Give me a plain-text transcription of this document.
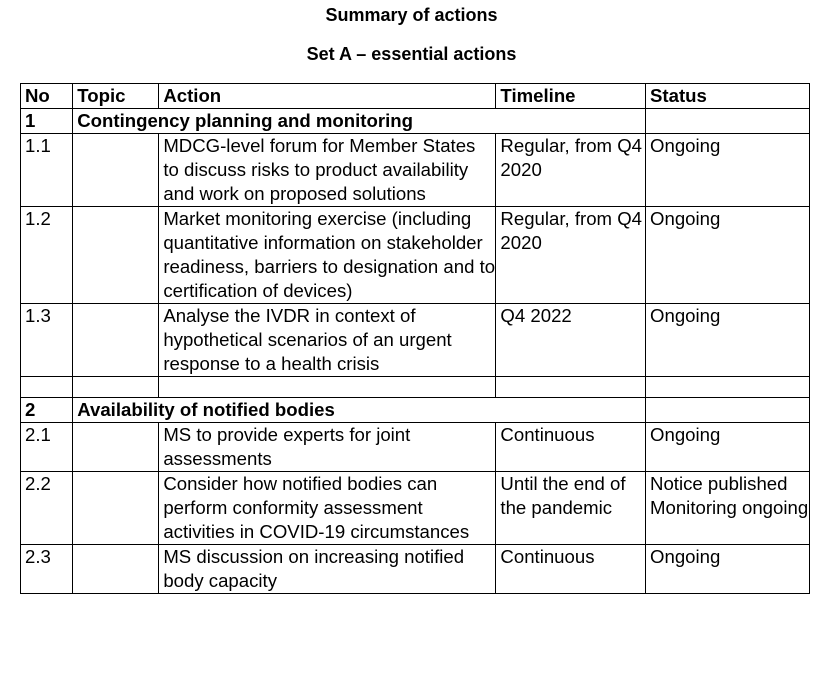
Summary of actions
Set A – essential actions
No	Topic	Action	Timeline	Status
1	Contingency planning and monitoring			
1.1		MDCG-level forum for Member States to discuss risks to product availability and work on proposed solutions	Regular, from Q4 2020	Ongoing
1.2		Market monitoring exercise (including quantitative information on stakeholder readiness, barriers to designation and to certification of devices)	Regular, from Q4 2020	Ongoing
1.3		Analyse the IVDR in context of hypothetical scenarios of an urgent response to a health crisis	Q4 2022	Ongoing

2	Availability of notified bodies			
2.1		MS to provide experts for joint assessments	Continuous	Ongoing
2.2		Consider how notified bodies can perform conformity assessment activities in COVID-19 circumstances	Until the end of the pandemic	Notice published Monitoring ongoing
2.3		MS discussion on increasing notified body capacity	Continuous	Ongoing
